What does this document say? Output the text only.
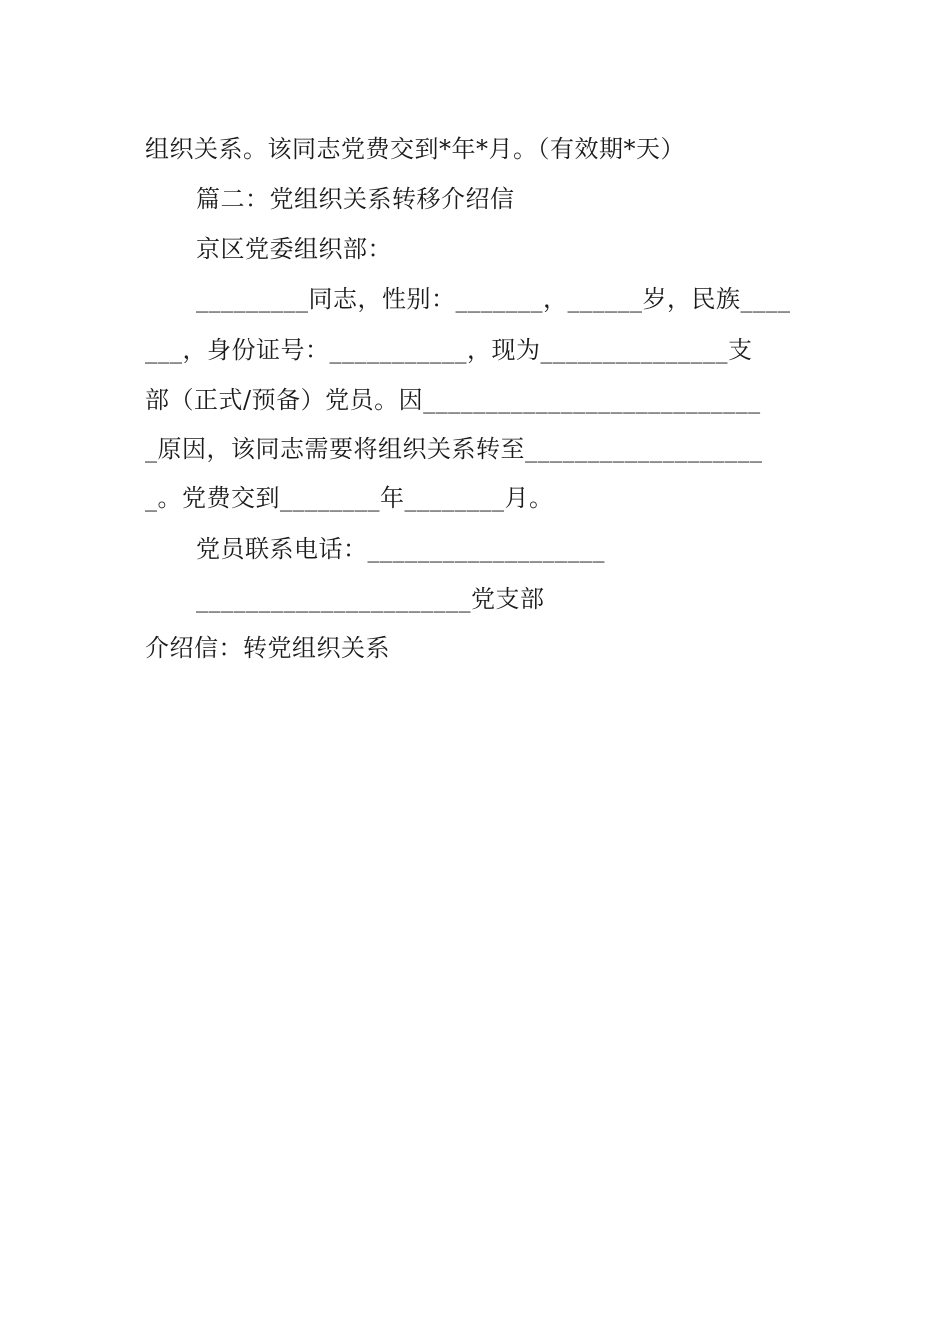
组织关系。该同志党费交到*年*月。（有效期*天）
篇二：党组织关系转移介绍信
京区党委组织部：
_________同志，性别：_______，______岁，民族____
___，身份证号：___________，现为_______________支
部（正式/预备）党员。因___________________________
_原因，该同志需要将组织关系转至___________________
_。党费交到________年________月。
党员联系电话：___________________
______________________党支部
介绍信：转党组织关系
